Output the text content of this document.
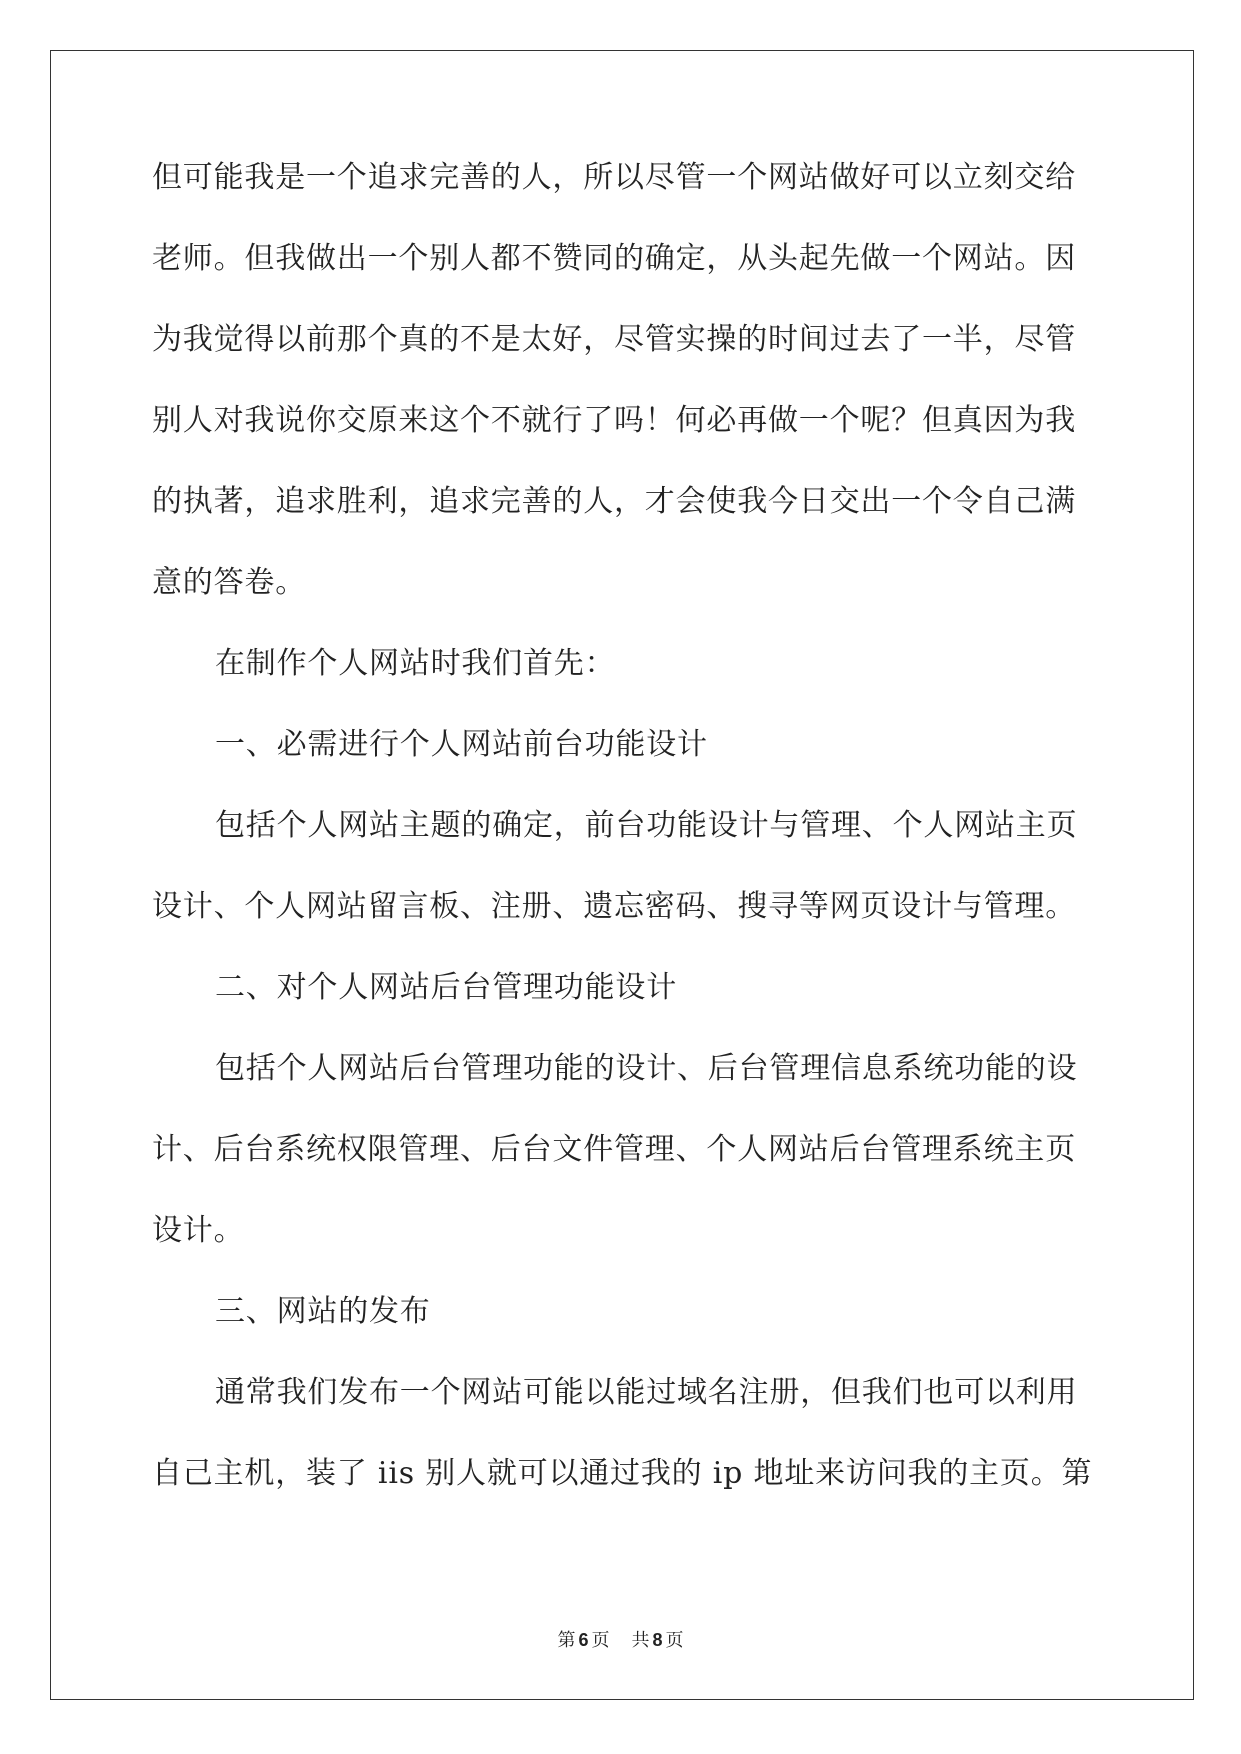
但可能我是一个追求完善的人，所以尽管一个网站做好可以立刻交给
老师。但我做出一个别人都不赞同的确定，从头起先做一个网站。因
为我觉得以前那个真的不是太好，尽管实操的时间过去了一半，尽管
别人对我说你交原来这个不就行了吗！何必再做一个呢？但真因为我
的执著，追求胜利，追求完善的人，才会使我今日交出一个令自己满
意的答卷。
在制作个人网站时我们首先：
一、必需进行个人网站前台功能设计
包括个人网站主题的确定，前台功能设计与管理、个人网站主页
设计、个人网站留言板、注册、遗忘密码、搜寻等网页设计与管理。
二、对个人网站后台管理功能设计
包括个人网站后台管理功能的设计、后台管理信息系统功能的设
计、后台系统权限管理、后台文件管理、个人网站后台管理系统主页
设计。
三、网站的发布
通常我们发布一个网站可能以能过域名注册，但我们也可以利用
自己主机，装了 iis 别人就可以通过我的 ip 地址来访问我的主页。第
第 6 页 共 8 页
